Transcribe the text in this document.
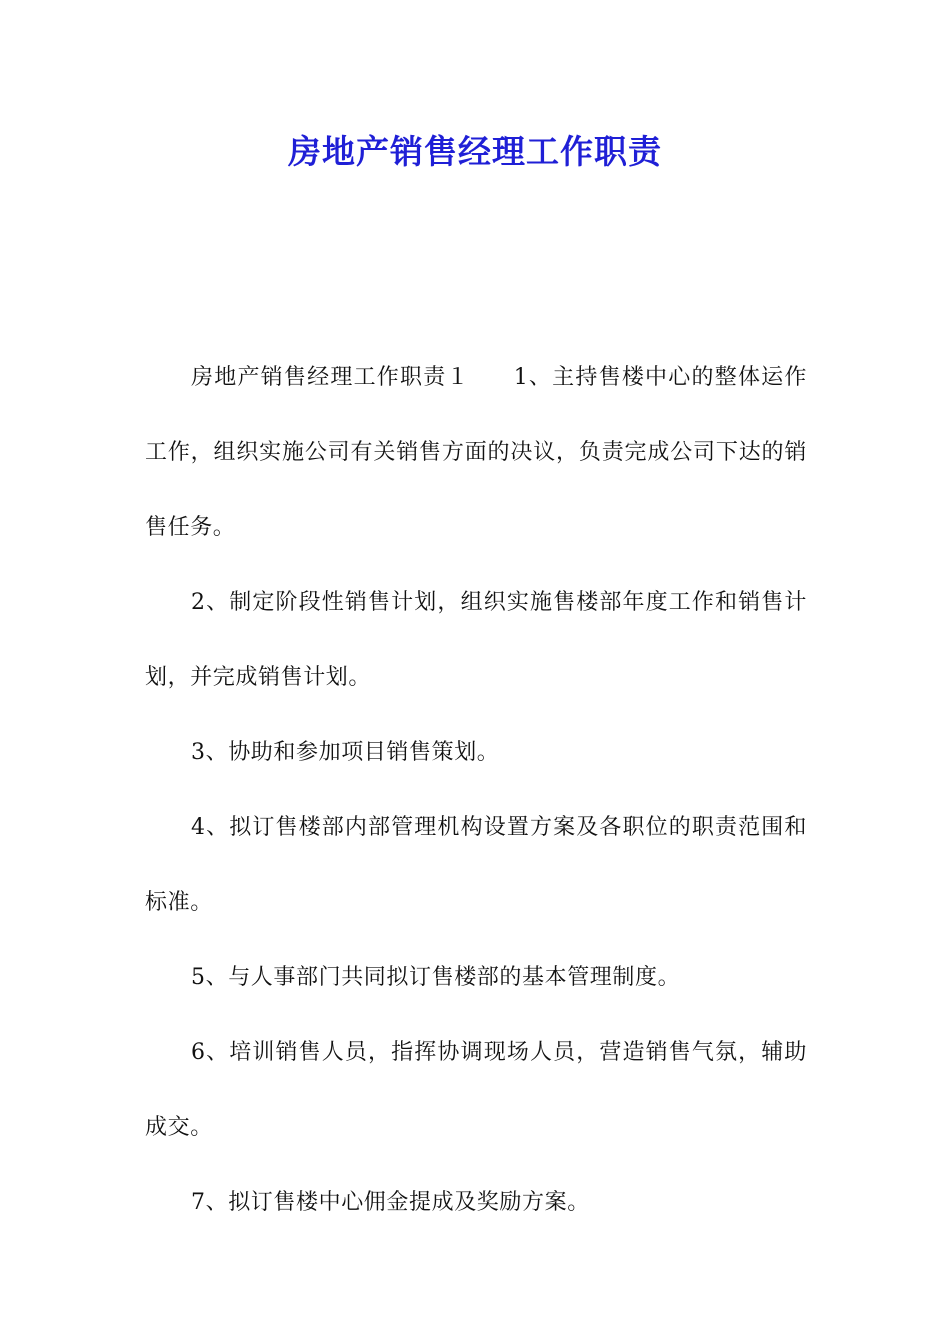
房地产销售经理工作职责

房地产销售经理工作职责１ 1、主持售楼中心的整体运作工作，组织实施公司有关销售方面的决议，负责完成公司下达的销售任务。

2、制定阶段性销售计划，组织实施售楼部年度工作和销售计划，并完成销售计划。

3、协助和参加项目销售策划。

4、拟订售楼部内部管理机构设置方案及各职位的职责范围和标准。

5、与人事部门共同拟订售楼部的基本管理制度。

6、培训销售人员，指挥协调现场人员，营造销售气氛，辅助成交。

7、拟订售楼中心佣金提成及奖励方案。
